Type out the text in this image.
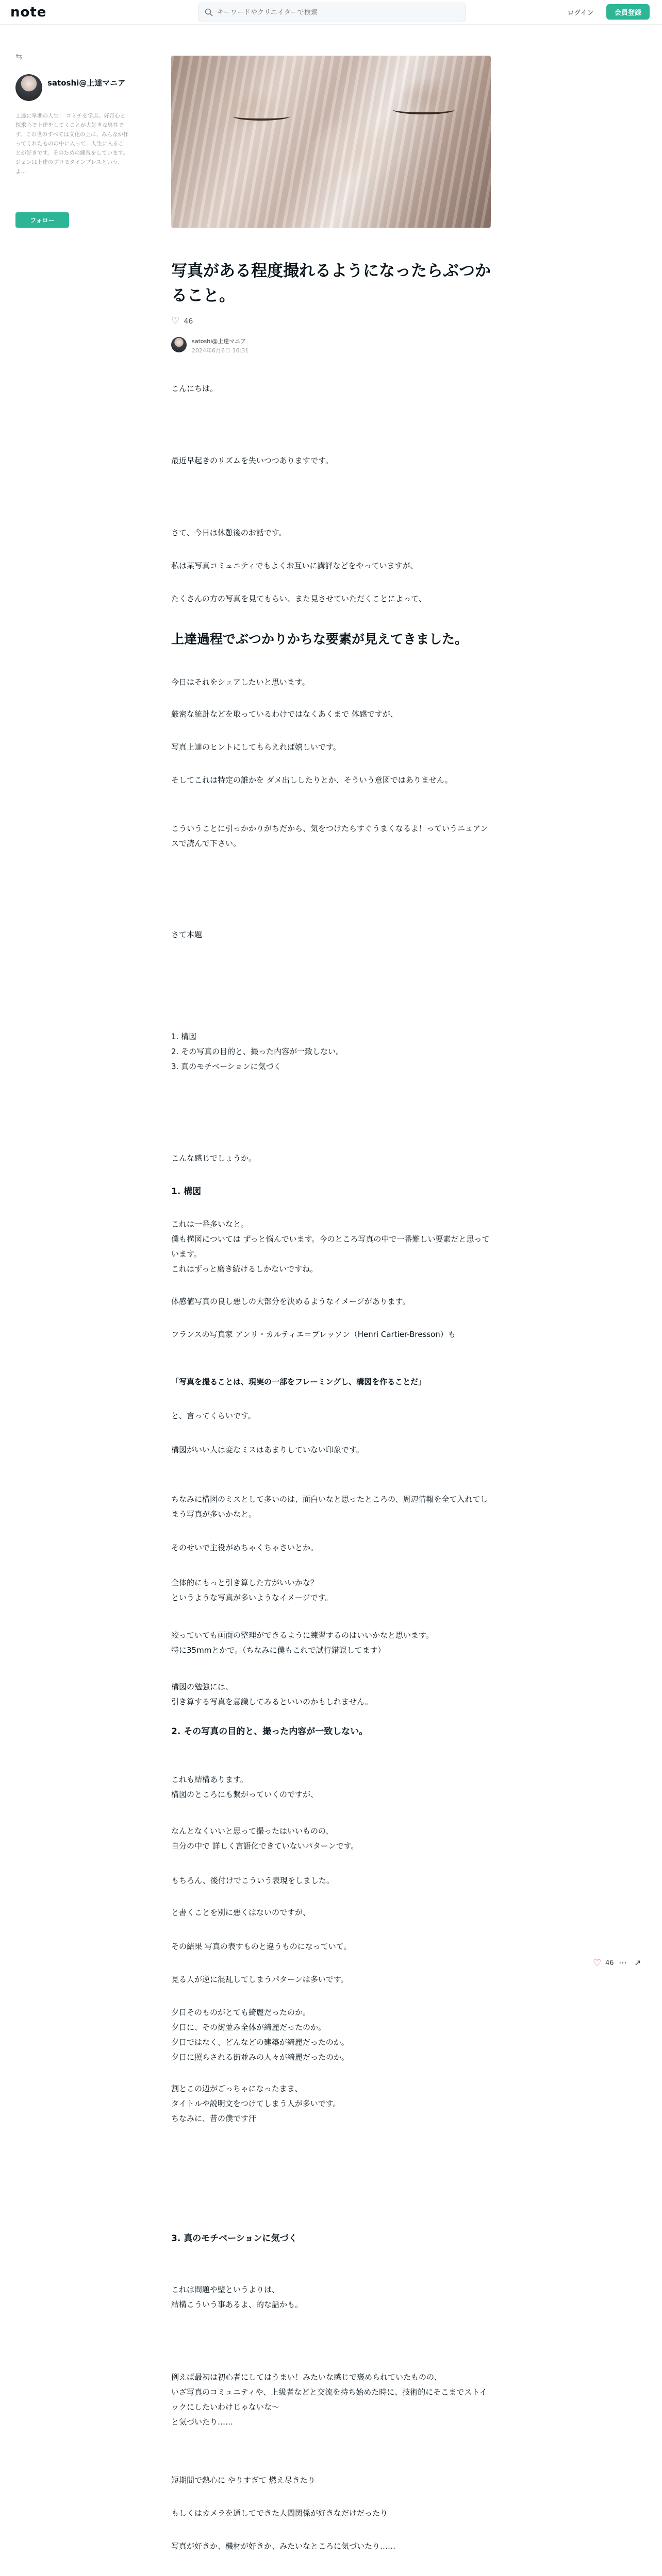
note
キーワードやクリエイターで検索	ログイン	会員登録
⇆
satoshi@上達マニア
上達に早期の人生！ コミチを学ぶ。好奇心と探求心で上達をしてくことが大好きな男性です。この世のすべては文化の上に、みんなが作ってくれたものの中に入って、人生に入ることが好きです。そのための練習をしています。ジェンは上達のプロモタインプレスという、よ...
フォロー
写真がある程度撮れるようになったらぶつかること。
♡ 46
satoshi@上達マニア
2024年6月6日 16:31

こんにちは。

最近早起きのリズムを失いつつありますです。

さて、今日は休憩後のお話です。

私は某写真コミュニティでもよくお互いに講評などをやっていますが、

たくさんの方の写真を見てもらい、また見させていただくことによって、

上達過程でぶつかりかちな要素が見えてきました。

今日はそれをシェアしたいと思います。

厳密な統計などを取っているわけではなくあくまで 体感ですが、

写真上達のヒントにしてもらえれば嬉しいです。

そしてこれは特定の誰かを ダメ出ししたりとか、そういう意図ではありません。

こういうことに引っかかりがちだから、気をつけたらすぐうまくなるよ！っていうニュアンスで読んで下さい。

さて本題

1. 構図
2. その写真の目的と、撮った内容が一致しない。
3. 真のモチベーションに気づく

こんな感じでしょうか。

1. 構図

これは一番多いなと。
僕も構図については ずっと悩んでいます。今のところ写真の中で一番難しい要素だと思っています。
これはずっと磨き続けるしかないですね。

体感値写真の良し悪しの大部分を決めるようなイメージがあります。

フランスの写真家 アンリ・カルティエ＝ブレッソン（Henri Cartier-Bresson）も

「写真を撮ることは、現実の一部をフレーミングし、構図を作ることだ」

と、言ってくらいです。

構図がいい人は変なミスはあまりしていない印象です。

ちなみに構図のミスとして多いのは、面白いなと思ったところの、周辺情報を全て入れてしまう写真が多いかなと。

そのせいで主役がめちゃくちゃさいとか。

全体的にもっと引き算した方がいいかな？
というような写真が多いようなイメージです。

絞っていても画面の整理ができるように練習するのはいいかなと思います。
特に35mmとかで。（ちなみに僕もこれで試行錯誤してます）

構図の勉強には、
引き算する写真を意識してみるといいのかもしれません。

2. その写真の目的と、撮った内容が一致しない。

これも結構あります。
構図のところにも繋がっていくのですが、

なんとなくいいと思って撮ったはいいものの、
自分の中で 詳しく言語化できていないパターンです。

もちろん、後付けでこういう表現をしました。

と書くことを別に悪くはないのですが、

その結果 写真の表すものと違うものになっていて。

見る人が逆に混乱してしまうパターンは多いです。

夕日そのものがとても綺麗だったのか。
夕日に、その街並み全体が綺麗だったのか。
夕日ではなく、どんなどの建築が綺麗だったのか。
夕日に照らされる街並みの人々が綺麗だったのか。

割とこの辺がごっちゃになったまま、
タイトルや説明文をつけてしまう人が多いです。
ちなみに、昔の僕です汗

3. 真のモチベーションに気づく

これは問題や壁というよりは、
結構こういう事あるよ、的な話かも。

例えば最初は初心者にしてはうまい！みたいな感じで褒められていたものの、
いざ写真のコミュニティや、上級者などと交流を持ち始めた時に、技術的にそこまでストイックにしたいわけじゃないな〜
と気づいたり……

短期間で熱心に やりすぎて 燃え尽きたり

もしくはカメラを通してできた人間関係が好きなだけだったり

写真が好きか、機材が好きか、みたいなところに気づいたり……

♡ 46 ⋯ ↗
